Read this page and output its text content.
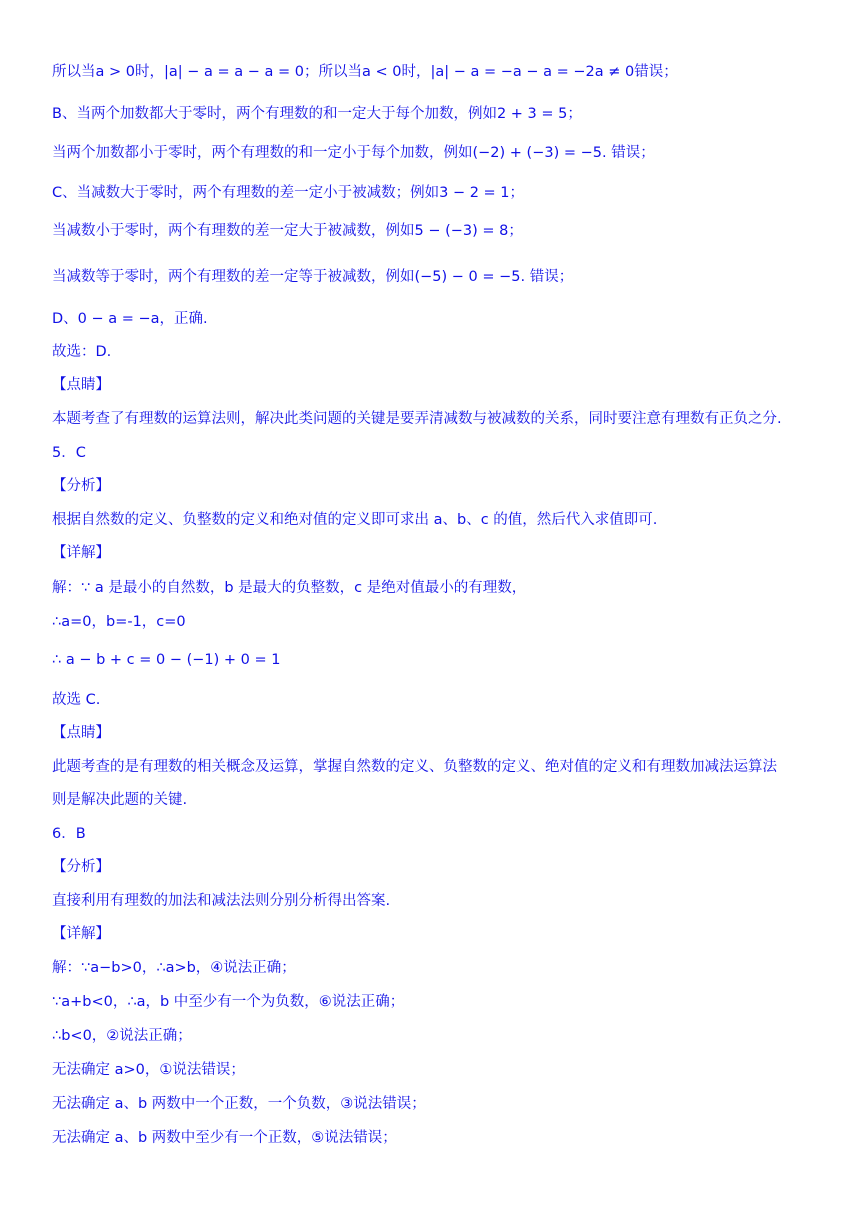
所以当a > 0时，|a| − a = a − a = 0；所以当a < 0时，|a| − a = −a − a = −2a ≠ 0错误；
B、当两个加数都大于零时，两个有理数的和一定大于每个加数，例如2 + 3 = 5；
当两个加数都小于零时，两个有理数的和一定小于每个加数，例如(−2) + (−3) = −5. 错误；
C、当减数大于零时，两个有理数的差一定小于被减数；例如3 − 2 = 1；
当减数小于零时，两个有理数的差一定大于被减数，例如5 − (−3) = 8；
当减数等于零时，两个有理数的差一定等于被减数，例如(−5) − 0 = −5. 错误；
D、0 − a = −a，正确.
故选：D.
【点睛】
本题考查了有理数的运算法则，解决此类问题的关键是要弄清减数与被减数的关系，同时要注意有理数有正负之分.
5．C
【分析】
根据自然数的定义、负整数的定义和绝对值的定义即可求出 a、b、c 的值，然后代入求值即可.
【详解】
解：∵ a 是最小的自然数，b 是最大的负整数，c 是绝对值最小的有理数，
∴a=0，b=-1，c=0
∴ a − b + c = 0 − (−1) + 0 = 1
故选 C.
【点睛】
此题考查的是有理数的相关概念及运算，掌握自然数的定义、负整数的定义、绝对值的定义和有理数加减法运算法
则是解决此题的关键.
6．B
【分析】
直接利用有理数的加法和减法法则分别分析得出答案.
【详解】
解：∵a−b>0，∴a>b，④说法正确；
∵a+b<0，∴a，b 中至少有一个为负数，⑥说法正确；
∴b<0，②说法正确；
无法确定 a>0，①说法错误；
无法确定 a、b 两数中一个正数，一个负数，③说法错误；
无法确定 a、b 两数中至少有一个正数，⑤说法错误；
